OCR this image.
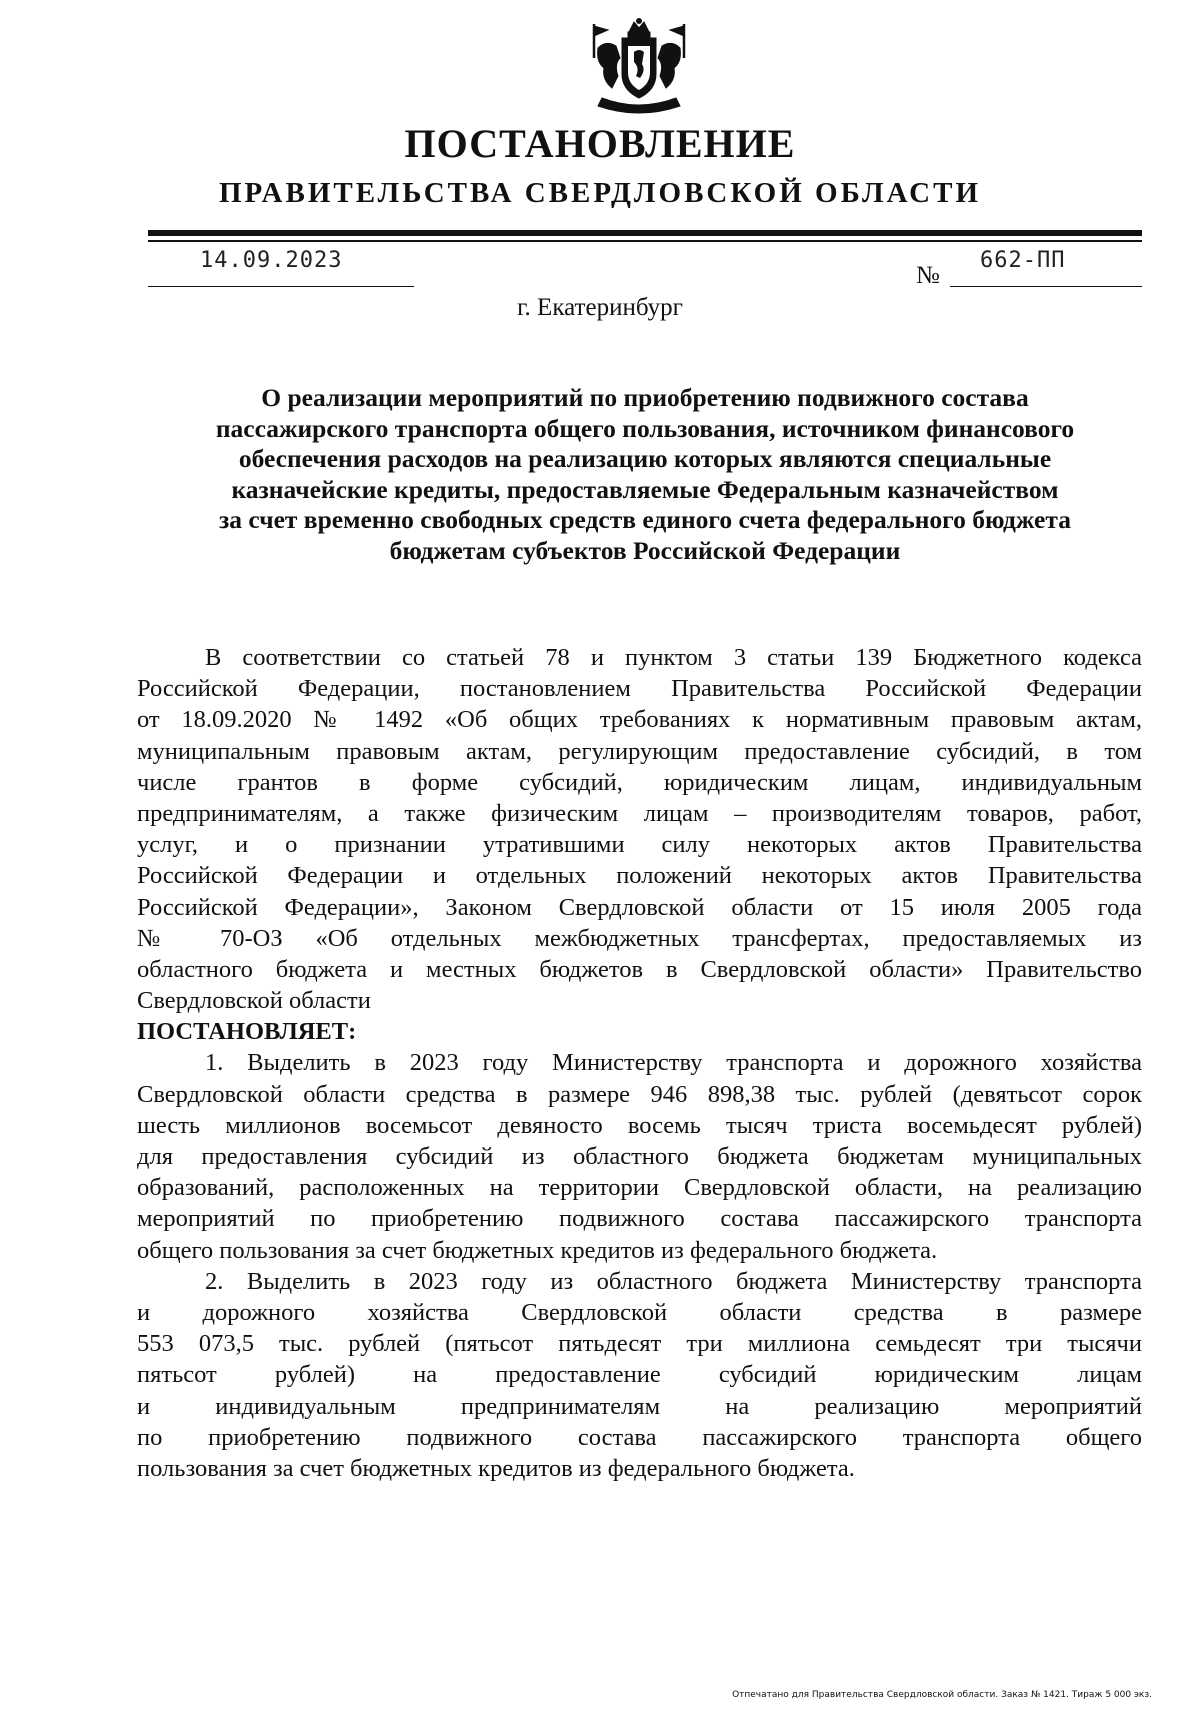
ПОСТАНОВЛЕНИЕ
ПРАВИТЕЛЬСТВА СВЕРДЛОВСКОЙ ОБЛАСТИ
14.09.2023
№
662-ПП
г. Екатеринбург
О реализации мероприятий по приобретению подвижного состава
пассажирского транспорта общего пользования, источником финансового
обеспечения расходов на реализацию которых являются специальные
казначейские кредиты, предоставляемые Федеральным казначейством
за счет временно свободных средств единого счета федерального бюджета
бюджетам субъектов Российской Федерации
В соответствии со статьей 78 и пунктом 3 статьи 139 Бюджетного кодекса
Российской Федерации, постановлением Правительства Российской Федерации
от 18.09.2020 № 1492 «Об общих требованиях к нормативным правовым актам,
муниципальным правовым актам, регулирующим предоставление субсидий, в том
числе грантов в форме субсидий, юридическим лицам, индивидуальным
предпринимателям, а также физическим лицам – производителям товаров, работ,
услуг, и о признании утратившими силу некоторых актов Правительства
Российской Федерации и отдельных положений некоторых актов Правительства
Российской Федерации», Законом Свердловской области от 15 июля 2005 года
№ 70-ОЗ «Об отдельных межбюджетных трансфертах, предоставляемых из
областного бюджета и местных бюджетов в Свердловской области» Правительство
Свердловской области
ПОСТАНОВЛЯЕТ:
1. Выделить в 2023 году Министерству транспорта и дорожного хозяйства
Свердловской области средства в размере 946 898,38 тыс. рублей (девятьсот сорок
шесть миллионов восемьсот девяносто восемь тысяч триста восемьдесят рублей)
для предоставления субсидий из областного бюджета бюджетам муниципальных
образований, расположенных на территории Свердловской области, на реализацию
мероприятий по приобретению подвижного состава пассажирского транспорта
общего пользования за счет бюджетных кредитов из федерального бюджета.
2. Выделить в 2023 году из областного бюджета Министерству транспорта
и дорожного хозяйства Свердловской области средства в размере
553 073,5 тыс. рублей (пятьсот пятьдесят три миллиона семьдесят три тысячи
пятьсот рублей) на предоставление субсидий юридическим лицам
и индивидуальным предпринимателям на реализацию мероприятий
по приобретению подвижного состава пассажирского транспорта общего
пользования за счет бюджетных кредитов из федерального бюджета.
Отпечатано для Правительства Свердловской области. Заказ № 1421. Тираж 5 000 экз.
